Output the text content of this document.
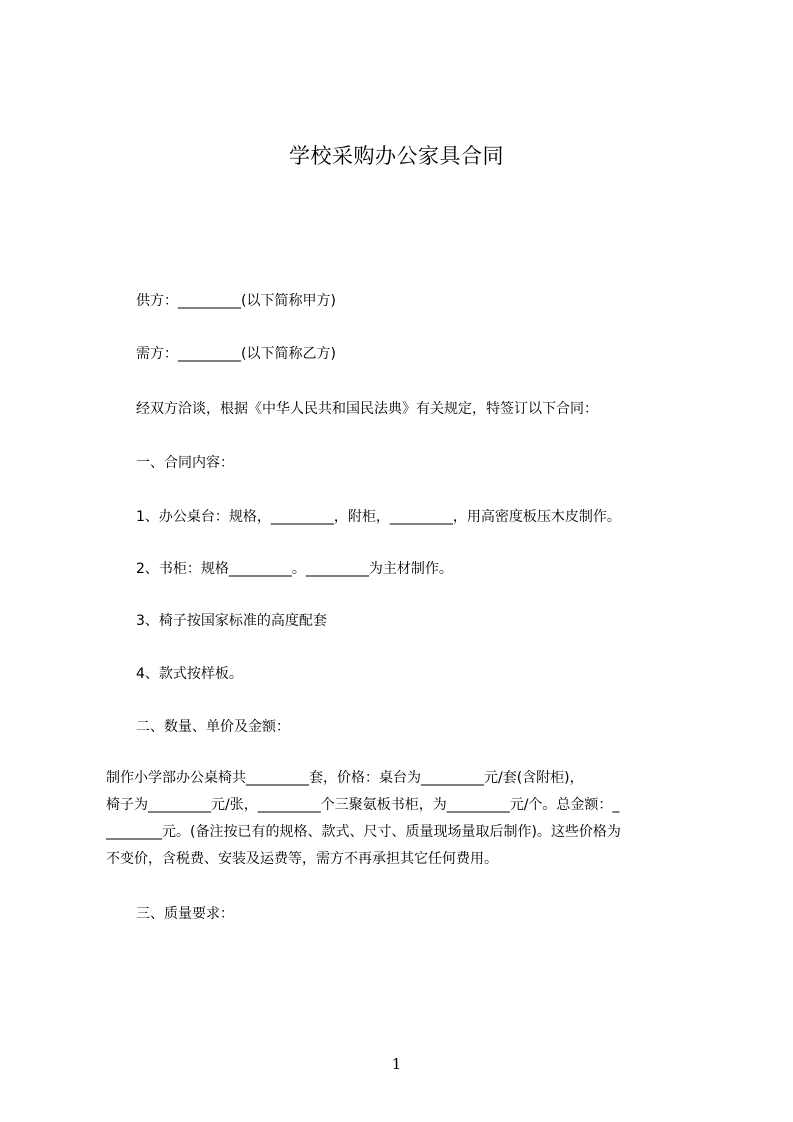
学校采购办公家具合同
供方：_________(以下简称甲方)
需方：_________(以下简称乙方)
经双方洽谈，根据《中华人民共和国民法典》有关规定，特签订以下合同：
一、合同内容：
1、办公桌台：规格，_________，附柜，_________，用高密度板压木皮制作。
2、书柜：规格_________。_________为主材制作。
3、椅子按国家标准的高度配套
4、款式按样板。
二、数量、单价及金额：
制作小学部办公桌椅共_________套，价格：桌台为_________元/套(含附柜)，
椅子为_________元/张，_________个三聚氨板书柜，为_________元/个。总金额：_
________元。(备注按已有的规格、款式、尺寸、质量现场量取后制作)。这些价格为
不变价，含税费、安装及运费等，需方不再承担其它任何费用。
三、质量要求：
1
